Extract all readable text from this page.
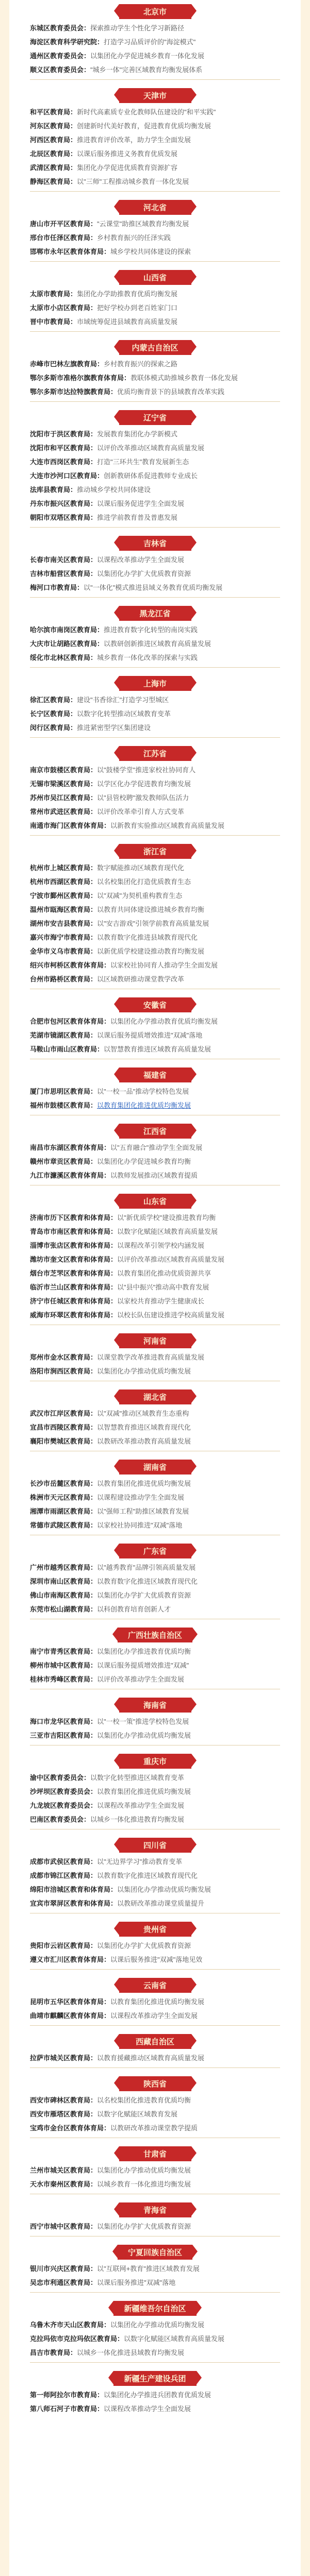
北京市
东城区教育委员会：探索推动学生个性化学习新路径
海淀区教育科学研究院：打造学习品质评价的"海淀模式"
通州区教育委员会：以集团化办学促进城乡教育一体化发展
顺义区教育委员会："城乡一体"完善区域教育均衡发展体系
天津市
和平区教育局：新时代高素质专业化教师队伍建设的"和平实践"
河东区教育局：创建新时代美好教育，促进教育优质均衡发展
河西区教育局：推进教育评价改革，助力学生全面发展
北辰区教育局：以课后服务推进义务教育优质发展
武清区教育局：集团化办学促进优质教育资源扩容
静海区教育局：以"三师"工程推动城乡教育一体化发展
河北省
唐山市开平区教育局："云课堂"助推区域教育均衡发展
邢台市任泽区教育局：乡村教育振兴的任泽实践
邯郸市永年区教育体育局：城乡学校共同体建设的探索
山西省
太原市教育局：集团化办学助推教育优质均衡发展
太原市小店区教育局：把好学校办到老百姓家门口
晋中市教育局：市域统筹促进县域教育高质量发展
内蒙古自治区
赤峰市巴林左旗教育局：乡村教育振兴的探索之路
鄂尔多斯市准格尔旗教育体育局：教联体模式助推城乡教育一体化发展
鄂尔多斯市达拉特旗教育局：优质均衡背景下的县域教育改革实践
辽宁省
沈阳市于洪区教育局：发展教育集团化办学新模式
沈阳市和平区教育局：以评价改革推动区域教育高质量发展
大连市西岗区教育局：打造"三环共生"教育发展新生态
大连市沙河口区教育局：创新教研体系促进教师专业成长
法库县教育局：推动城乡学校共同体建设
丹东市振兴区教育局：以课后服务促进学生全面发展
朝阳市双塔区教育局：推进学前教育普及普惠发展
吉林省
长春市南关区教育局：以课程改革推动学生全面发展
吉林市船营区教育局：以集团化办学扩大优质教育资源
梅河口市教育局：以"一体化"模式推进县域义务教育优质均衡发展
黑龙江省
哈尔滨市南岗区教育局：推进教育数字化转型的南岗实践
大庆市让胡路区教育局：以教研创新推进区域教育高质量发展
绥化市北林区教育局：城乡教育一体化改革的探索与实践
上海市
徐汇区教育局：建设"书香徐汇"打造学习型城区
长宁区教育局：以数字化转型推动区域教育变革
闵行区教育局：推进紧密型学区集团建设
江苏省
南京市鼓楼区教育局：以"鼓楼学堂"推进家校社协同育人
无锡市梁溪区教育局：以学区化办学促进教育均衡发展
苏州市吴江区教育局：以"县管校聘"激发教师队伍活力
常州市武进区教育局：以评价改革牵引育人方式变革
南通市海门区教育体育局：以新教育实验推动区域教育高质量发展
浙江省
杭州市上城区教育局：数字赋能推动区域教育现代化
杭州市西湖区教育局：以名校集团化打造优质教育生态
宁波市鄞州区教育局：以"双减"为契机重构教育生态
温州市瓯海区教育局：以教育共同体建设推进城乡教育均衡
湖州市安吉县教育局：以"安吉游戏"引领学前教育高质量发展
嘉兴市海宁市教育局：以教育数字化推进县域教育现代化
金华市义乌市教育局：以新优质学校建设推动教育均衡发展
绍兴市柯桥区教育体育局：以家校社协同育人推动学生全面发展
台州市路桥区教育局：以区域教研推动课堂教学改革
安徽省
合肥市包河区教育体育局：以集团化办学推动教育优质均衡发展
芜湖市镜湖区教育局：以课后服务提质增效推进"双减"落地
马鞍山市雨山区教育局：以智慧教育推进区域教育高质量发展
福建省
厦门市思明区教育局：以"一校一品"推动学校特色发展
福州市鼓楼区教育局：以教育集团化推进优质均衡发展
江西省
南昌市东湖区教育体育局：以"五育融合"推动学生全面发展
赣州市章贡区教育局：以集团化办学促进城乡教育均衡
九江市濂溪区教育体育局：以教师发展推动区域教育提质
山东省
济南市历下区教育和体育局：以"新优质学校"建设推进教育均衡
青岛市市南区教育和体育局：以数字化赋能区域教育高质量发展
淄博市张店区教育和体育局：以课程改革引领学校内涵发展
潍坊市奎文区教育和体育局：以评价改革推动区域教育高质量发展
烟台市芝罘区教育和体育局：以教育集团化推动优质资源共享
临沂市兰山区教育和体育局：以"县中振兴"推动高中教育发展
济宁市任城区教育和体育局：以家校共育推动学生健康成长
威海市环翠区教育和体育局：以校长队伍建设推进学校高质量发展
河南省
郑州市金水区教育局：以课堂教学改革推进教育高质量发展
洛阳市涧西区教育局：以集团化办学推动优质均衡发展
湖北省
武汉市江岸区教育局：以"双减"推动区域教育生态重构
宜昌市西陵区教育局：以智慧教育推进区域教育现代化
襄阳市樊城区教育局：以教研改革推动教育高质量发展
湖南省
长沙市岳麓区教育局：以教育集团化推进优质均衡发展
株洲市天元区教育局：以课程建设推动学生全面发展
湘潭市雨湖区教育局：以"强师工程"助推区域教育发展
常德市武陵区教育局：以家校社协同推进"双减"落地
广东省
广州市越秀区教育局：以"越秀教育"品牌引领高质量发展
深圳市南山区教育局：以教育数字化推进区域教育现代化
佛山市南海区教育局：以集团化办学扩大优质教育资源
东莞市松山湖教育局：以科创教育培育创新人才
广西壮族自治区
南宁市青秀区教育局：以集团化办学推进教育优质均衡
柳州市城中区教育局：以课后服务提质增效推进"双减"
桂林市秀峰区教育局：以评价改革推动学生全面发展
海南省
海口市龙华区教育局：以"一校一策"推进学校特色发展
三亚市吉阳区教育局：以集团化办学推动优质均衡发展
重庆市
渝中区教育委员会：以数字化转型推进区域教育变革
沙坪坝区教育委员会：以教育集团化推进优质均衡发展
九龙坡区教育委员会：以课程改革推动学生全面发展
巴南区教育委员会：以城乡一体化推进教育均衡发展
四川省
成都市武侯区教育局：以"无边界学习"推动教育变革
成都市锦江区教育局：以教育数字化推进区域教育现代化
绵阳市涪城区教育和体育局：以集团化办学推动优质均衡发展
宜宾市翠屏区教育和体育局：以教研改革推动课堂质量提升
贵州省
贵阳市云岩区教育局：以集团化办学扩大优质教育资源
遵义市汇川区教育体育局：以课后服务推进"双减"落地见效
云南省
昆明市五华区教育体育局：以教育集团化推进优质均衡发展
曲靖市麒麟区教育体育局：以课程改革推动学生全面发展
西藏自治区
拉萨市城关区教育局：以教育援藏推动区域教育高质量发展
陕西省
西安市碑林区教育局：以名校集团化推进教育优质均衡
西安市雁塔区教育局：以数字化赋能区域教育发展
宝鸡市金台区教育体育局：以教研改革推动课堂教学提质
甘肃省
兰州市城关区教育局：以集团化办学推动优质均衡发展
天水市秦州区教育局：以城乡教育一体化推进均衡发展
青海省
西宁市城中区教育局：以集团化办学扩大优质教育资源
宁夏回族自治区
银川市兴庆区教育局：以"互联网+教育"推进区域教育发展
吴忠市利通区教育局：以课后服务推进"双减"落地
新疆维吾尔自治区
乌鲁木齐市天山区教育局：以集团化办学推动优质均衡发展
克拉玛依市克拉玛依区教育局：以数字化赋能区域教育高质量发展
昌吉市教育局：以城乡一体化推进县域教育均衡发展
新疆生产建设兵团
第一师阿拉尔市教育局：以集团化办学推进兵团教育优质发展
第八师石河子市教育局：以课程改革推动学生全面发展
